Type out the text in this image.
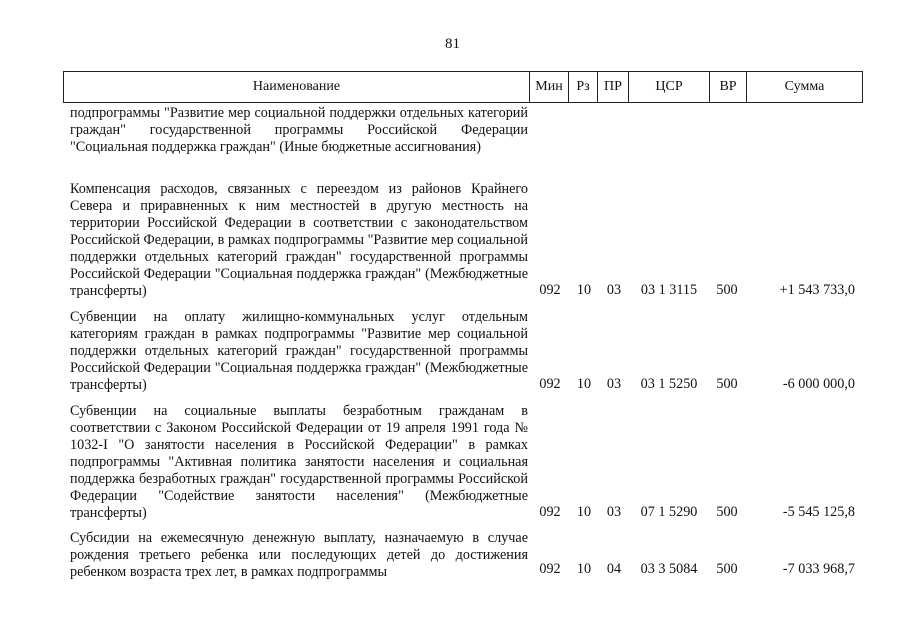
81
Наименование	Мин	Рз	ПР	ЦСР	ВР	Сумма
подпрограммы "Развитие мер социальной поддержки отдельных категорий граждан" государственной программы Российской Федерации "Социальная поддержка граждан" (Иные бюджетные ассигнования)
Компенсация расходов, связанных с переездом из районов Крайнего Севера и приравненных к ним местностей в другую местность на территории Российской Федерации в соответствии с законодательством Российской Федерации, в рамках подпрограммы "Развитие мер социальной поддержки отдельных категорий граждан" государственной программы Российской Федерации "Социальная поддержка граждан" (Межбюджетные трансферты)	092	10	03	03 1 3115	500	+1 543 733,0
Субвенции на оплату жилищно-коммунальных услуг отдельным категориям граждан в рамках подпрограммы "Развитие мер социальной поддержки отдельных категорий граждан" государственной программы Российской Федерации "Социальная поддержка граждан" (Межбюджетные трансферты)	092	10	03	03 1 5250	500	-6 000 000,0
Субвенции на социальные выплаты безработным гражданам в соответствии с Законом Российской Федерации от 19 апреля 1991 года № 1032-I "О занятости населения в Российской Федерации" в рамках подпрограммы "Активная политика занятости населения и социальная поддержка безработных граждан" государственной программы Российской Федерации "Содействие занятости населения" (Межбюджетные трансферты)	092	10	03	07 1 5290	500	-5 545 125,8
Субсидии на ежемесячную денежную выплату, назначаемую в случае рождения третьего ребенка или последующих детей до достижения ребенком возраста трех лет, в рамках подпрограммы	092	10	04	03 3 5084	500	-7 033 968,7
